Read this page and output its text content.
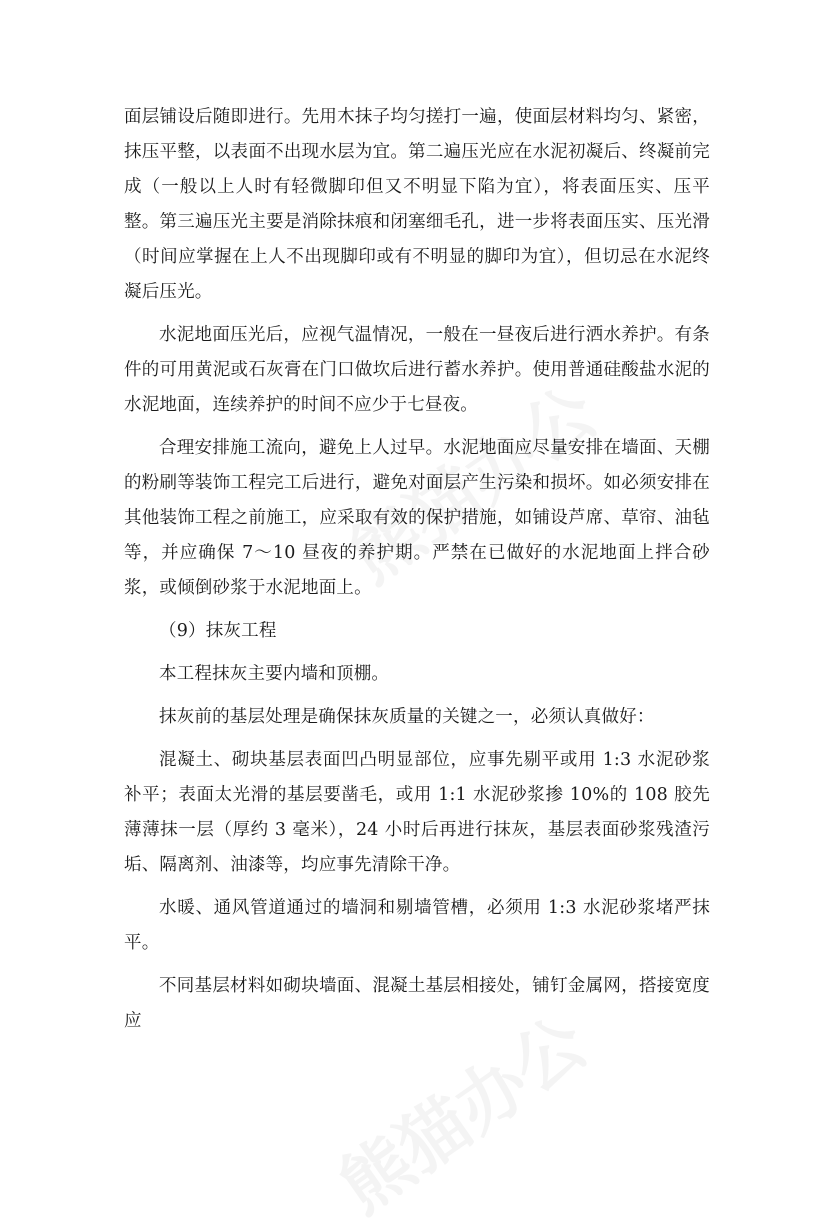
面层铺设后随即进行。先用木抹子均匀搓打一遍，使面层材料均匀、紧密，抹压平整，以表面不出现水层为宜。第二遍压光应在水泥初凝后、终凝前完成（一般以上人时有轻微脚印但又不明显下陷为宜），将表面压实、压平整。第三遍压光主要是消除抹痕和闭塞细毛孔，进一步将表面压实、压光滑（时间应掌握在上人不出现脚印或有不明显的脚印为宜），但切忌在水泥终凝后压光。

水泥地面压光后，应视气温情况，一般在一昼夜后进行洒水养护。有条件的可用黄泥或石灰膏在门口做坎后进行蓄水养护。使用普通硅酸盐水泥的水泥地面，连续养护的时间不应少于七昼夜。

合理安排施工流向，避免上人过早。水泥地面应尽量安排在墙面、天棚的粉刷等装饰工程完工后进行，避免对面层产生污染和损坏。如必须安排在其他装饰工程之前施工，应采取有效的保护措施，如铺设芦席、草帘、油毡等，并应确保 7～10 昼夜的养护期。严禁在已做好的水泥地面上拌合砂浆，或倾倒砂浆于水泥地面上。

（9）抹灰工程

本工程抹灰主要内墙和顶棚。

抹灰前的基层处理是确保抹灰质量的关键之一，必须认真做好：

混凝土、砌块基层表面凹凸明显部位，应事先剔平或用 1:3 水泥砂浆补平；表面太光滑的基层要凿毛，或用 1:1 水泥砂浆掺 10%的 108 胶先薄薄抹一层（厚约 3 毫米），24 小时后再进行抹灰，基层表面砂浆残渣污垢、隔离剂、油漆等，均应事先清除干净。

水暖、通风管道通过的墙洞和剔墙管槽，必须用 1:3 水泥砂浆堵严抹平。

不同基层材料如砌块墙面、混凝土基层相接处，铺钉金属网，搭接宽度应
